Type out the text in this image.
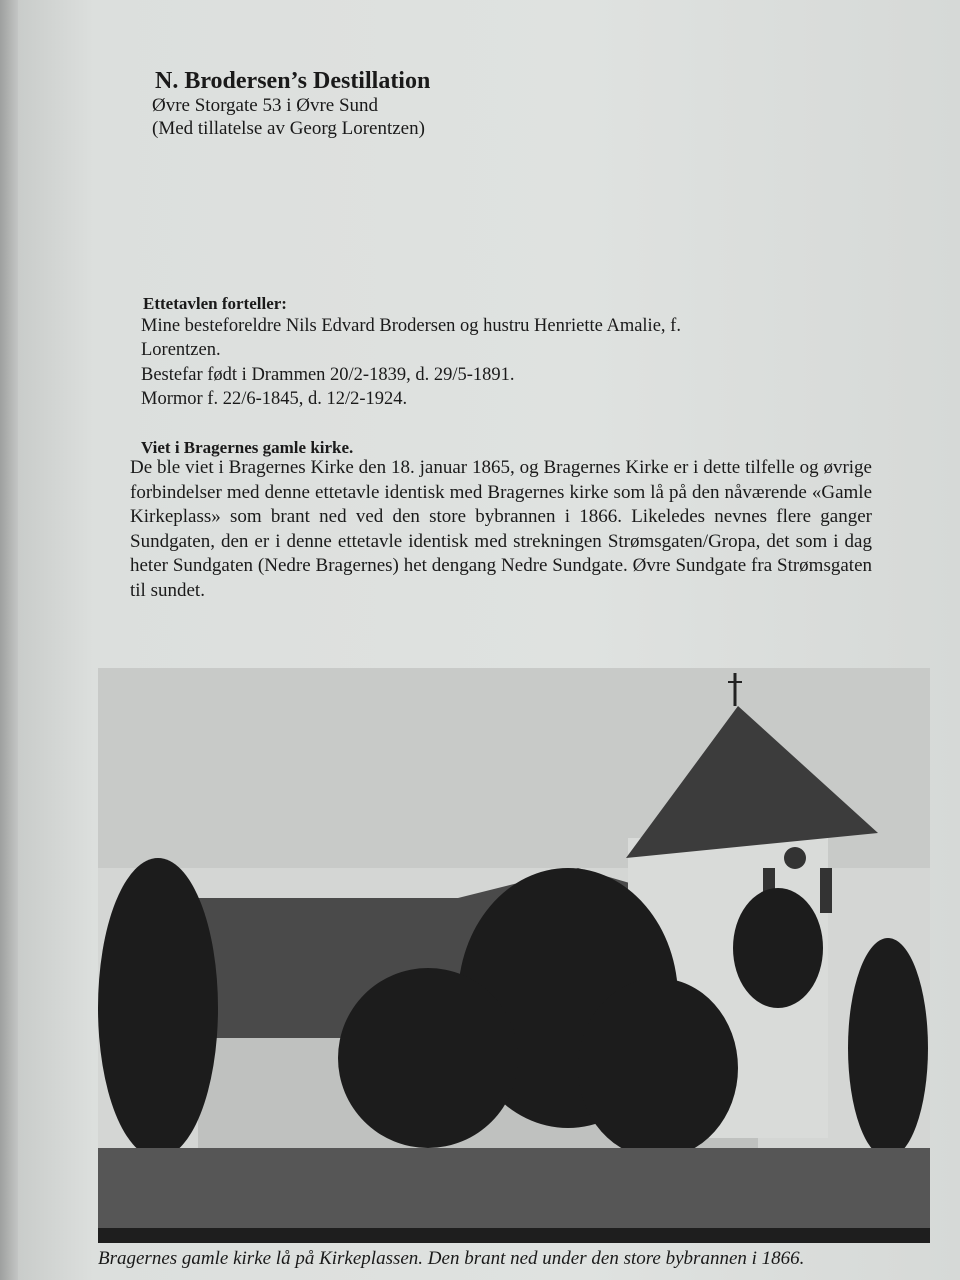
N. Brodersen’s Destillation
Øvre Storgate 53 i Øvre Sund
(Med tillatelse av Georg Lorentzen)
Ettetavlen forteller:
Mine besteforeldre Nils Edvard Brodersen og hustru Henriette Amalie, f.
Lorentzen.
Bestefar født i Drammen 20/2-1839, d. 29/5-1891.
Mormor f. 22/6-1845, d. 12/2-1924.
Viet i Bragernes gamle kirke.
De ble viet i Bragernes Kirke den 18. januar 1865, og Bragernes Kirke er i dette tilfelle og øvrige forbindelser med denne ettetavle identisk med Bragernes kirke som lå på den nåværende «Gamle Kirkeplass» som brant ned ved den store bybrannen i 1866. Likeledes nevnes flere ganger Sundgaten, den er i denne ettetavle identisk med strekningen Strømsgaten/Gropa, det som i dag heter Sundgaten (Nedre Bragernes) het dengang Nedre Sundgate. Øvre Sundgate fra Strømsgaten til sundet.
Bragernes gamle kirke lå på Kirkeplassen. Den brant ned under den store bybrannen i 1866.
